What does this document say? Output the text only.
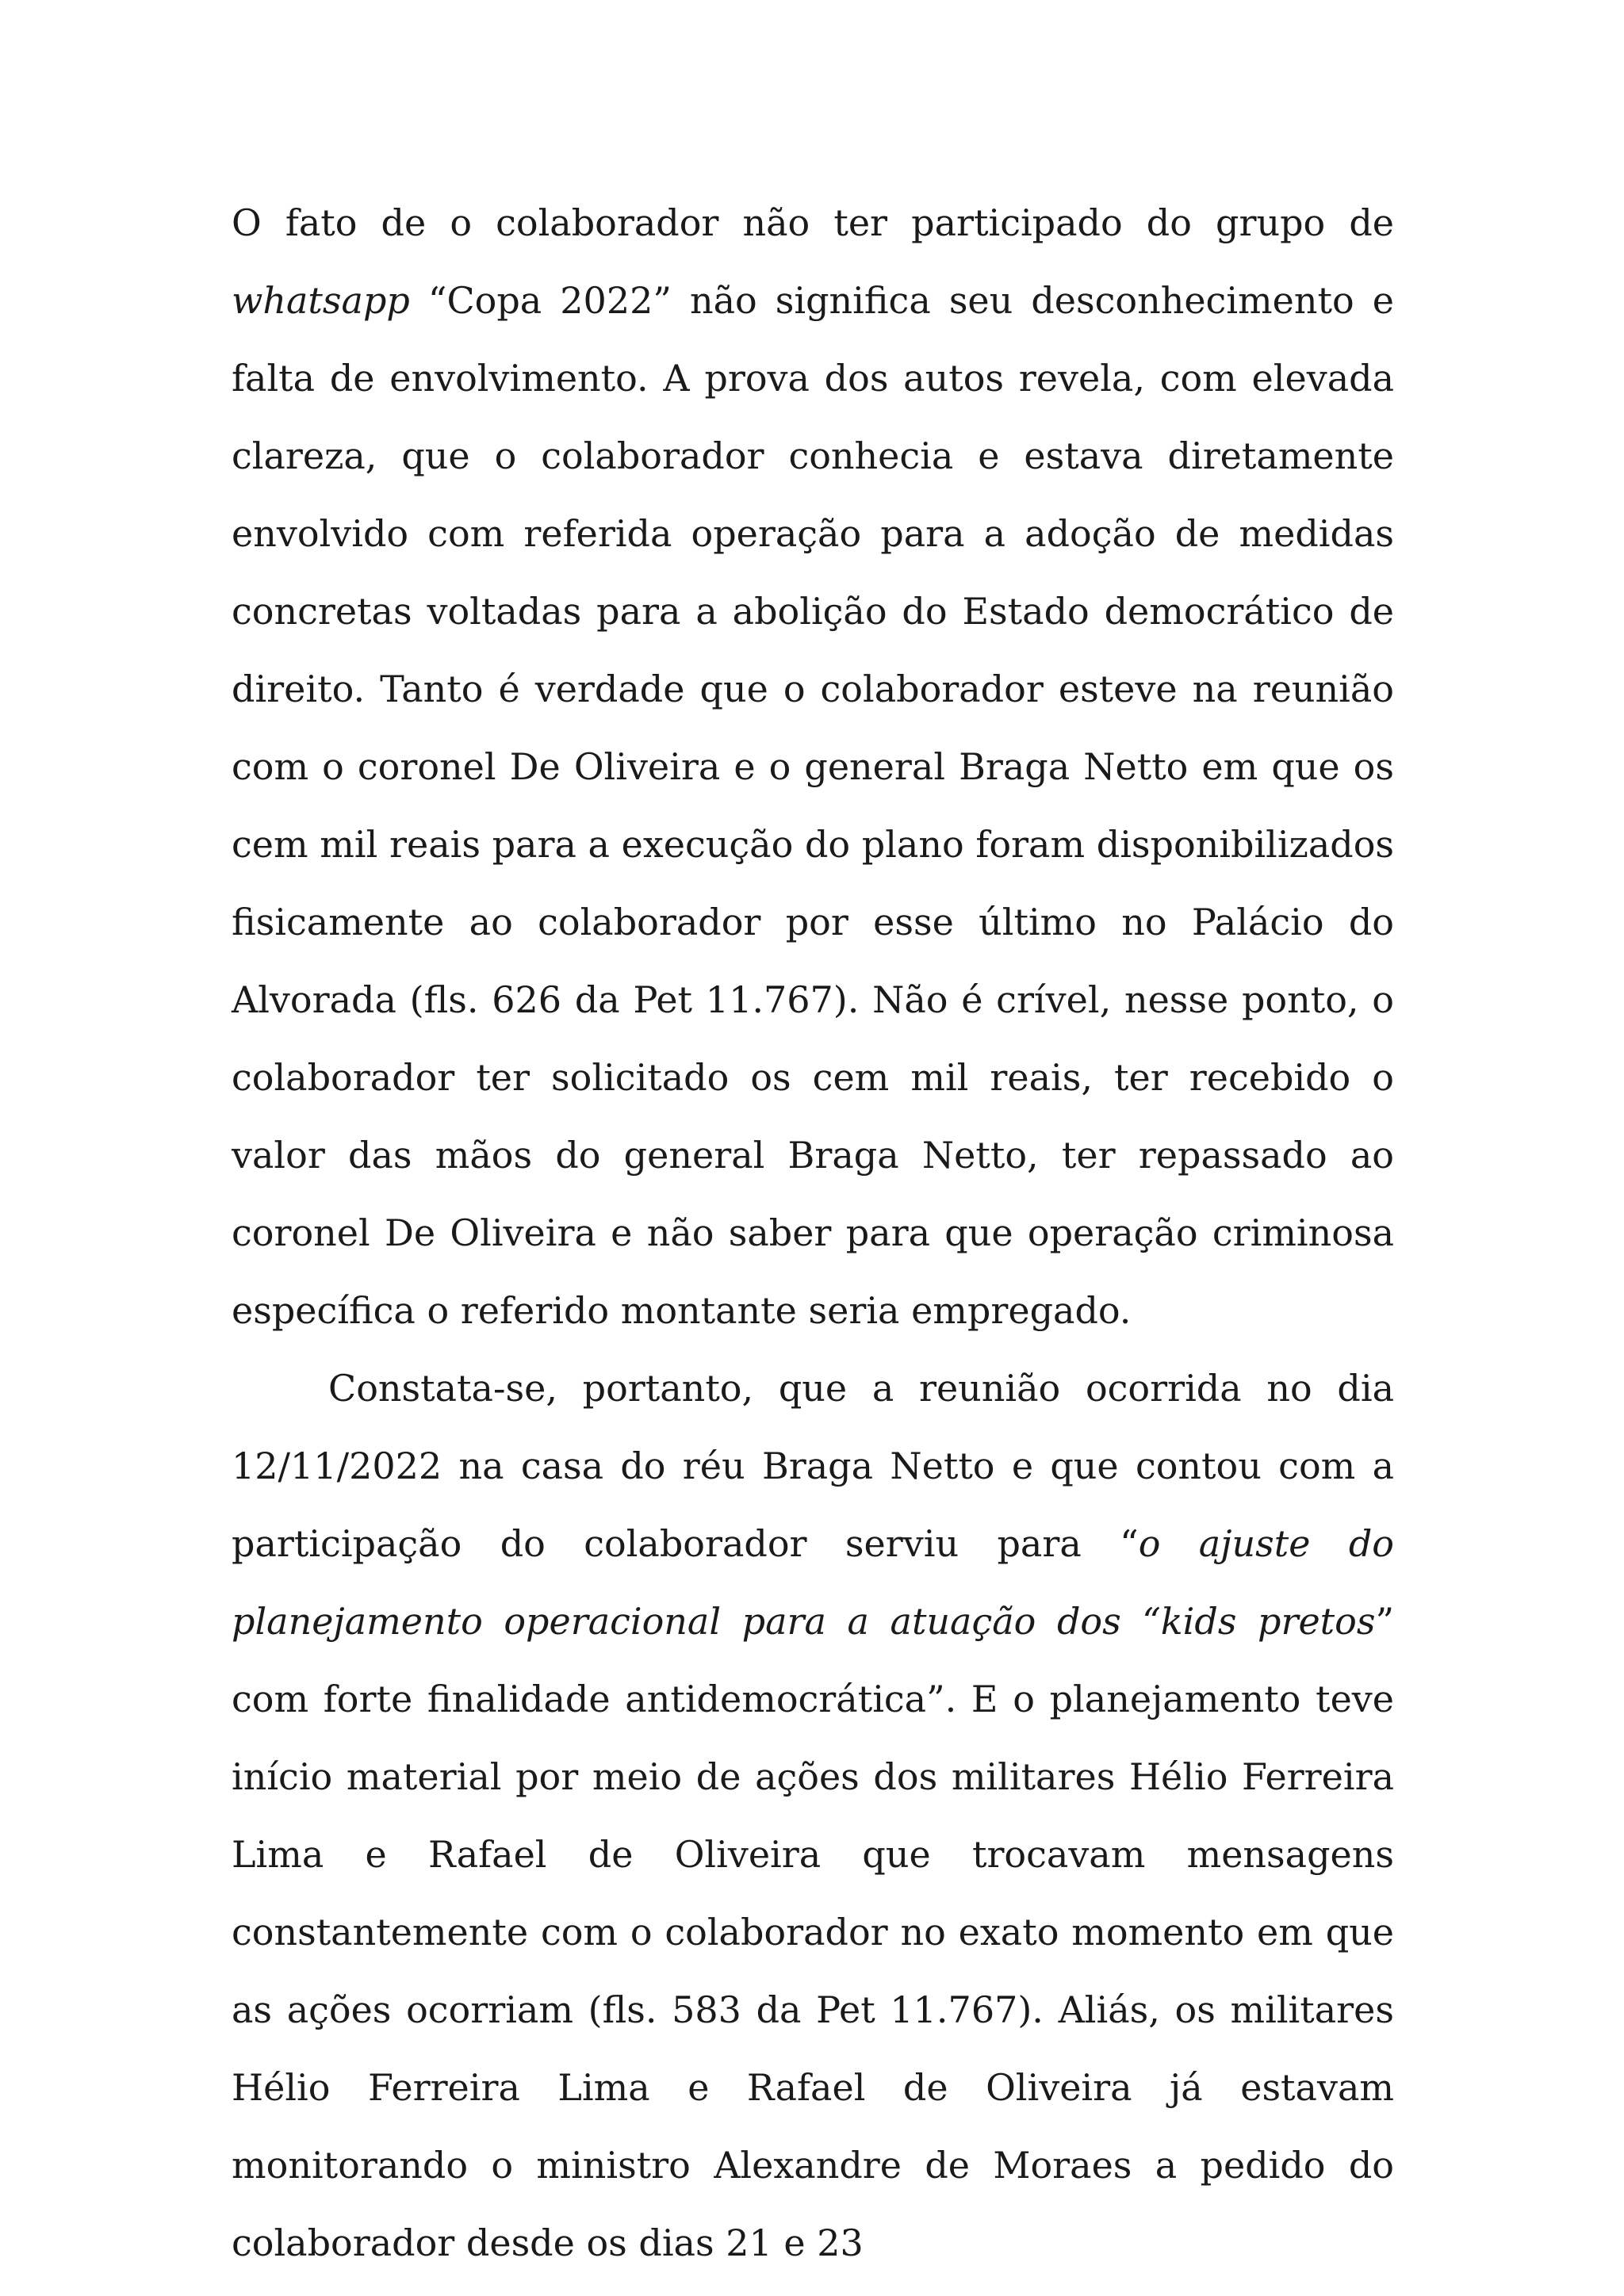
O fato de o colaborador não ter participado do grupo de whatsapp “Copa 2022” não significa seu desconhecimento e falta de envolvimento. A prova dos autos revela, com elevada clareza, que o colaborador conhecia e estava diretamente envolvido com referida operação para a adoção de medidas concretas voltadas para a abolição do Estado democrático de direito. Tanto é verdade que o colaborador esteve na reunião com o coronel De Oliveira e o general Braga Netto em que os cem mil reais para a execução do plano foram disponibilizados fisicamente ao colaborador por esse último no Palácio do Alvorada (fls. 626 da Pet 11.767). Não é crível, nesse ponto, o colaborador ter solicitado os cem mil reais, ter recebido o valor das mãos do general Braga Netto, ter repassado ao coronel De Oliveira e não saber para que operação criminosa específica o referido montante seria empregado.

Constata-se, portanto, que a reunião ocorrida no dia 12/11/2022 na casa do réu Braga Netto e que contou com a participação do colaborador serviu para “o ajuste do planejamento operacional para a atuação dos “kids pretos” com forte finalidade antidemocrática”. E o planejamento teve início material por meio de ações dos militares Hélio Ferreira Lima e Rafael de Oliveira que trocavam mensagens constantemente com o colaborador no exato momento em que as ações ocorriam (fls. 583 da Pet 11.767). Aliás, os militares Hélio Ferreira Lima e Rafael de Oliveira já estavam monitorando o ministro Alexandre de Moraes a pedido do colaborador desde os dias 21 e 23
